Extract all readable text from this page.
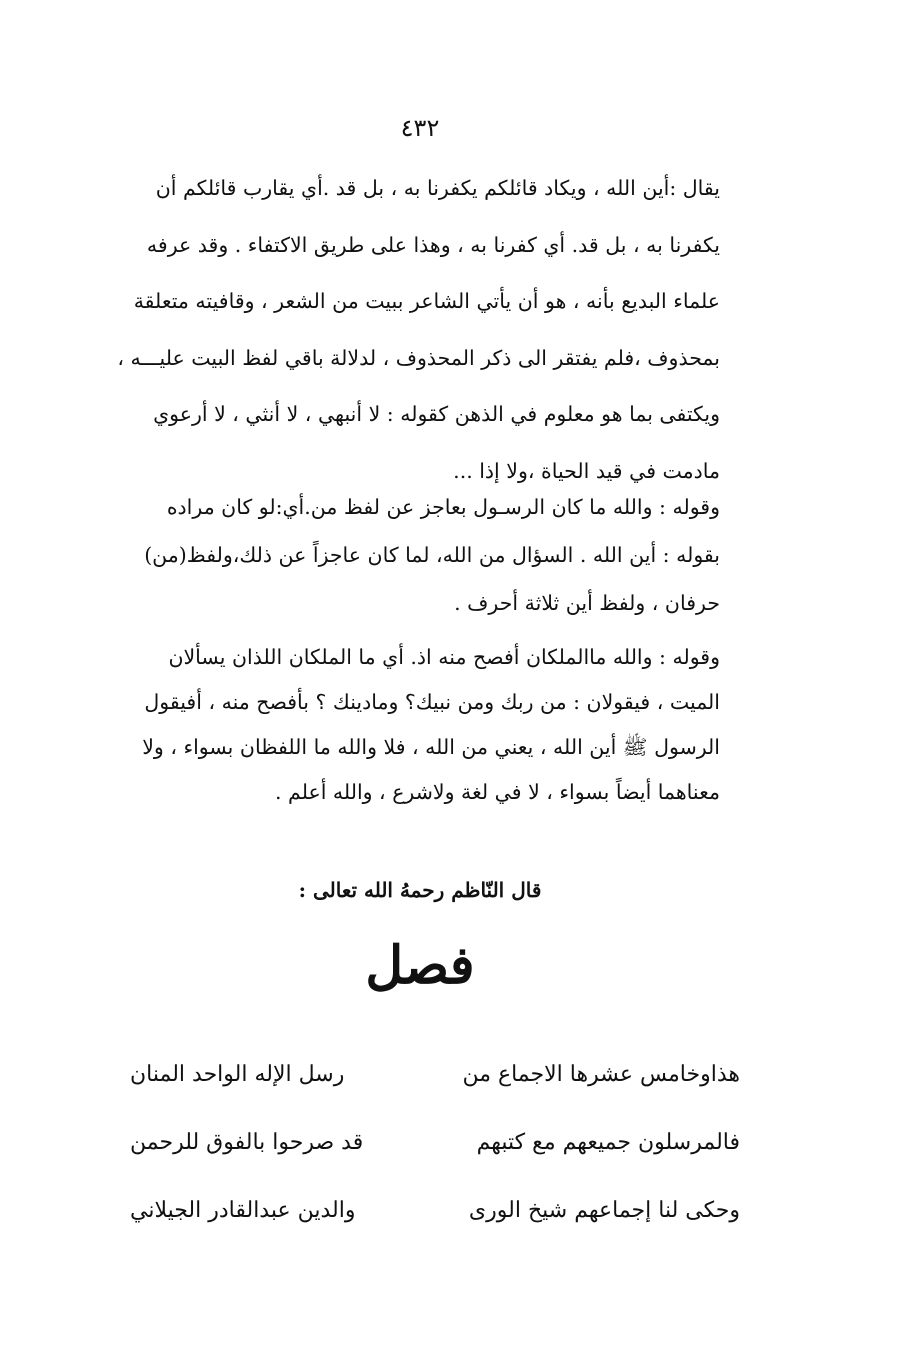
٤٣٢
يقال :أين الله ، ويكاد قائلكم يكفرنا به ، بل قد .أي يقارب قائلكم أن
يكفرنا به ، بل قد. أي كفرنا به ، وهذا على طريق الاكتفاء . وقد عرفه
علماء البديع بأنه ، هو أن يأتي الشاعر ببيت من الشعر ، وقافيته متعلقة
بمحذوف ،فلم يفتقر الى ذكر المحذوف ، لدلالة باقي لفظ البيت عليـــه ،
ويكتفى بما هو معلوم في الذهن كقوله : لا أنبهي ، لا أنثي ، لا أرعوي
مادمت في قيد الحياة ،ولا إذا ...
وقوله : والله ما كان الرسـول بعاجز عن لفظ من.أي:لو كان مراده
بقوله : أين الله . السؤال من الله، لما كان عاجزاً عن ذلك،ولفظ(من)
حرفان ، ولفظ أين ثلاثة أحرف .
وقوله : والله ماالملكان أفصح منه اذ. أي ما الملكان اللذان يسألان
الميت ، فيقولان : من ربك ومن نبيك؟ ومادينك ؟ بأفصح منه ، أفيقول
الرسول ﷺ أين الله ، يعني من الله ، فلا والله ما اللفظان بسواء ، ولا
معناهما أيضاً بسواء ، لا في لغة ولاشرع ، والله أعلم .
قال النّاظم رحمهُ الله تعالى :
فصل
هذاوخامس عشرها الاجماع من
رسل الإله الواحد المنان
فالمرسلون جميعهم مع كتبهم
قد صرحوا بالفوق للرحمن
وحكى لنا إجماعهم شيخ الورى
والدين عبدالقادر الجيلاني
